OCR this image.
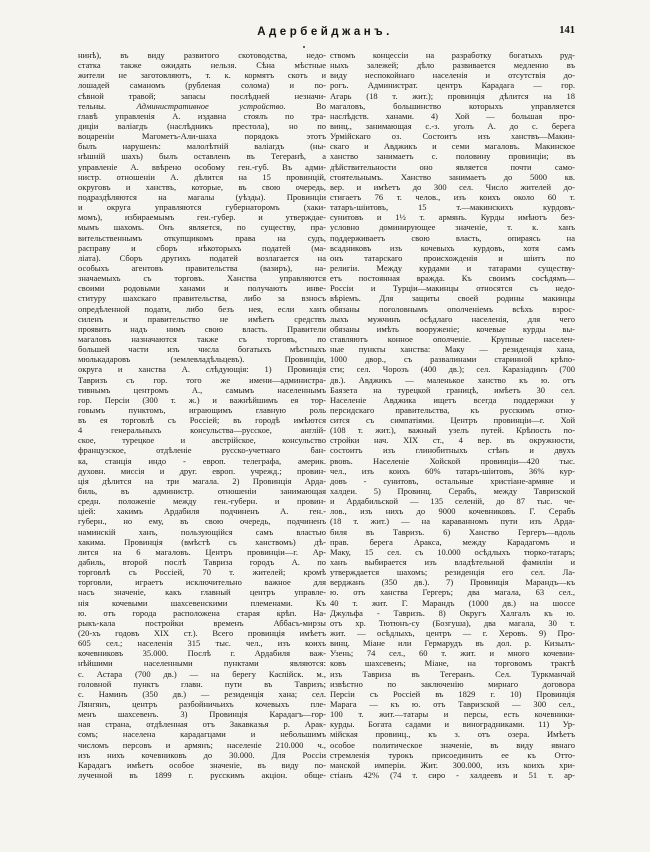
Адербейджанъ.	141
нинѣ), въ виду развитого скотоводства, недо-
статка также ожидать нельзя. Сѣна мѣстные
жители не заготовляютъ, т. к. кормятъ скотъ и
лошадей саманомъ (рубленая солома) и по-
сѣвной травой; запасы послѣдней незначи-
тельны. Административное устройство. Во
главѣ управленія А. издавна стоялъ по тра-
диціи валіагдъ (наслѣдникъ престола), но по
воцареніи Магометъ-Али-шаха порядокъ этотъ
былъ нарушенъ: малолѣтній валіагдъ (ны-
нѣшній шахъ) былъ оставленъ въ Тегеранѣ, а
управленіе А. ввѣрено особому ген.-губ. Въ адми-
нистр. отношеніи А. дѣлится на 15 провинцій,
округовъ и ханствъ, которые, въ свою очередь,
подраздѣляются на магалы (уѣзды). Провинціи
и округа управляются губернаторомъ (хаки-
момъ), избираемымъ ген.-губер. и утверждае-
мымъ шахомъ. Онъ является, по существу, пра-
вительственнымъ откупщикомъ права на судъ,
расправу и сборъ нѣкоторыхъ податей (ма-
ліата). Сборъ другихъ податей возлагается на
особыхъ агентовъ правительства (вазиръ), на-
значаемыхъ съ торговъ. Ханства управляются
своими родовыми ханами и получаютъ инве-
ституру шахскаго правительства, либо за взносъ
опредѣленной подати, либо безъ нея, если ханъ
силенъ и правительство не имѣетъ средствъ
проявить надъ нимъ свою власть. Правители
магаловъ назначаются также съ торговъ, по
большей части изъ числа богатыхъ мѣстныхъ
мюлькадаровъ (землевладѣльцевъ). Провинціи,
округа и ханства А. слѣдующія: 1) Провинція
Тавризъ съ гор. того же имени—администра-
тивнымъ центромъ А., самымъ населеннымъ
гор. Персіи (300 т. ж.) и важнѣйшимъ ея тор-
говымъ пунктомъ, играющимъ главную роль
въ ея торговлѣ съ Россіей; въ городѣ имѣются
4 генеральныхъ консульства—русское, англій-
ское, турецкое и австрійское, консульство
французское, отдѣленіе русско-учетнаго бан-
ка, станція индо - европ. телеграфа, америк.
духовн. миссія и друг. европ. учрежд.; провин-
ція дѣлится на три магала. 2) Провинція Арда-
биль, въ администр. отношеніи занимающая
средн. положеніе между ген.-губерн. и провин-
ціей: хакимъ Ардабиля подчиненъ А. ген.-
губерн., но ему, въ свою очередь, подчиненъ
наминскій ханъ, пользующійся самъ властью
хакима. Провинція (вмѣстѣ съ ханствомъ) дѣ-
лится на 6 магаловъ. Центръ провинціи—г. Ар-
дабиль, второй послѣ Тавриза городъ А. по
торговлѣ съ Россіей, 70 т. жителей; кромѣ
торговли, играетъ исключительно важное для
насъ значеніе, какъ главный центръ управле-
нія кочевыми шахсевенскими племенами. Къ
ю. отъ города расположена старая крѣп. На-
рыкъ-кала постройки временъ Аббасъ-мирзы
(20-хъ годовъ XIX ст.). Всего провинція имѣетъ
605 сел.; населенія 315 тыс. чел., изъ коихъ
кочевниковъ 35.000. Послѣ г. Ардабиля важ-
нѣйшими населенными пунктами являются:
с. Астара (700 дв.) — на берегу Каспійск. м.,
головной пунктъ главн. пути въ Тавризъ;
с. Наминъ (350 дв.) — резиденція хана; сел.
Лянгянъ, центръ разбойничьихъ кочевыхъ пле-
менъ шахсевенъ. 3) Провинція Карадагъ—гор-
ная страна, отдѣленная отъ Закавказья р. Арак-
сомъ; населена карадагцами и небольшимъ
числомъ персовъ и армянъ; населеніе 210.000 ч.,
изъ нихъ кочевниковъ до 30.000. Для Россіи
Карадагъ имѣетъ особое значеніе, въ виду по-
лученной въ 1899 г. русскимъ акціон. обще-
ствомъ концессіи на разработку богатыхъ руд-
ныхъ залежей; дѣло развивается медленно въ
виду неспокойнаго населенія и отсутствія до-
рогъ. Администрат. центръ Карадага — гор.
Агарь (18 т. жит.); провинція дѣлится на 18
магаловъ, большинство которыхъ управляется
наслѣдств. ханами. 4) Хой — большая про-
винц., занимающая с.-з. уголъ А. до с. берега
Урмійскаго оз. Состоитъ изъ ханствъ—Макин-
скаго и Авджикъ и семи магаловъ. Макинское
ханство занимаетъ с. половину провинціи; въ
дѣйствительности оно является почти само-
стоятельнымъ. Ханство занимаетъ до 5000 кв.
вер. и имѣетъ до 300 сел. Число жителей до-
стигаетъ 76 т. челов., изъ коихъ около 60 т.
татаръ-шіитовъ, 15 т.—макинскихъ курдовъ-
сунитовъ и 1½ т. армянъ. Курды имѣютъ без-
условно доминирующее значеніе, т. к. ханъ
поддерживаетъ свою власть, опираясь на
всадниковъ изъ кочевыхъ курдовъ, хотя самъ
онъ татарскаго происхожденія и шіитъ по
религіи. Между курдами и татарами существу-
етъ постоянная вражда. Къ своимъ сосѣдямъ—
Россіи и Турціи—макинцы относятся съ недо-
вѣріемъ. Для защиты своей родины макинцы
обязаны поголовнымъ ополченіемъ всѣхъ взрос-
лыхъ мужчинъ осѣдлаго населенія, для чего
обязаны имѣть вооруженіе; кочевые курды вы-
ставляютъ конное ополченіе. Крупные населен-
ные пункты ханства: Маку — резиденція хана,
1000 двор., съ развалинами старинной крѣпо-
сти; сел. Чорозъ (400 дв.); сел. Каразіадинъ (700
дв.). Авджикъ — маленькое ханство къ ю. отъ
Баязета на турецкой границѣ, имѣетъ 30 сел.
Населеніе Авджика ищетъ всегда поддержки у
персидскаго правительства, къ русскимъ отно-
сится съ симпатіями. Центръ провинціи—г. Хой
(108 т. жит.), важный узелъ путей. Крѣпость по-
стройки нач. XIX ст., 4 вер. въ окружности,
состоитъ изъ глинобитныхъ стѣнъ и двухъ
рвовъ. Населеніе Хойской провинціи—420 тыс.
чел., изъ коихъ 60% татаръ-шіитовъ, 36% кур-
довъ - сунитовъ, остальные христіане-армяне и
халдеи. 5) Провинц. Серабъ, между Тавризской
и Ардабильской — 135 селеній, до 87 тыс. че-
лов., изъ нихъ до 9000 кочевниковъ. Г. Серабъ
(18 т. жит.) — на караванномъ пути изъ Арда-
биля въ Тавризъ. 6) Ханство Гергеръ—вдоль
прав. берега Аракса, между Карадагомъ и
Маку, 15 сел. съ 10.000 осѣдлыхъ тюрко-татаръ;
ханъ выбирается изъ владѣтельной фамиліи и
утверждается шахомъ; резиденція его сел. Ла-
верджанъ (350 дв.). 7) Провинція Марандъ—къ
ю. отъ ханства Гергеръ; два магала, 63 сел.,
40 т. жит. Г. Марандъ (1000 дв.) на шоссе
Джульфа - Тавризъ. 8) Округъ Халгалъ къ ю.
отъ хр. Тютюнъ-су (Бозгуша), два магала, 30 т.
жит. — осѣдлыхъ, центръ — г. Херовъ. 9) Про-
винц. Міане или Гермарудъ въ дол. р. Кизылъ-
Узень; 74 сел., 60 т. жит. и много кочевни-
ковъ шахсевенъ; Міане, на торговомъ трактѣ
изъ Тавриза въ Тегеранъ. Сел. Туркманчай
извѣстно по заключенію мирнаго договора
Персіи съ Россіей въ 1829 г. 10) Провинція
Марага — къ ю. отъ Тавризской — 300 сел.,
100 т. жит.—татары и персы, есть кочевники-
курды. Богата садами и виноградниками. 11) Ур-
мійская провинц., къ з. отъ озера. Имѣетъ
особое политическое значеніе, въ виду явнаго
стремленія турокъ присоединить ее къ Отто-
манской имперіи. Жит. 300.000, изъ коихъ хри-
стіанъ 42% (74 т. сиро - халдеевъ и 51 т. ар-
